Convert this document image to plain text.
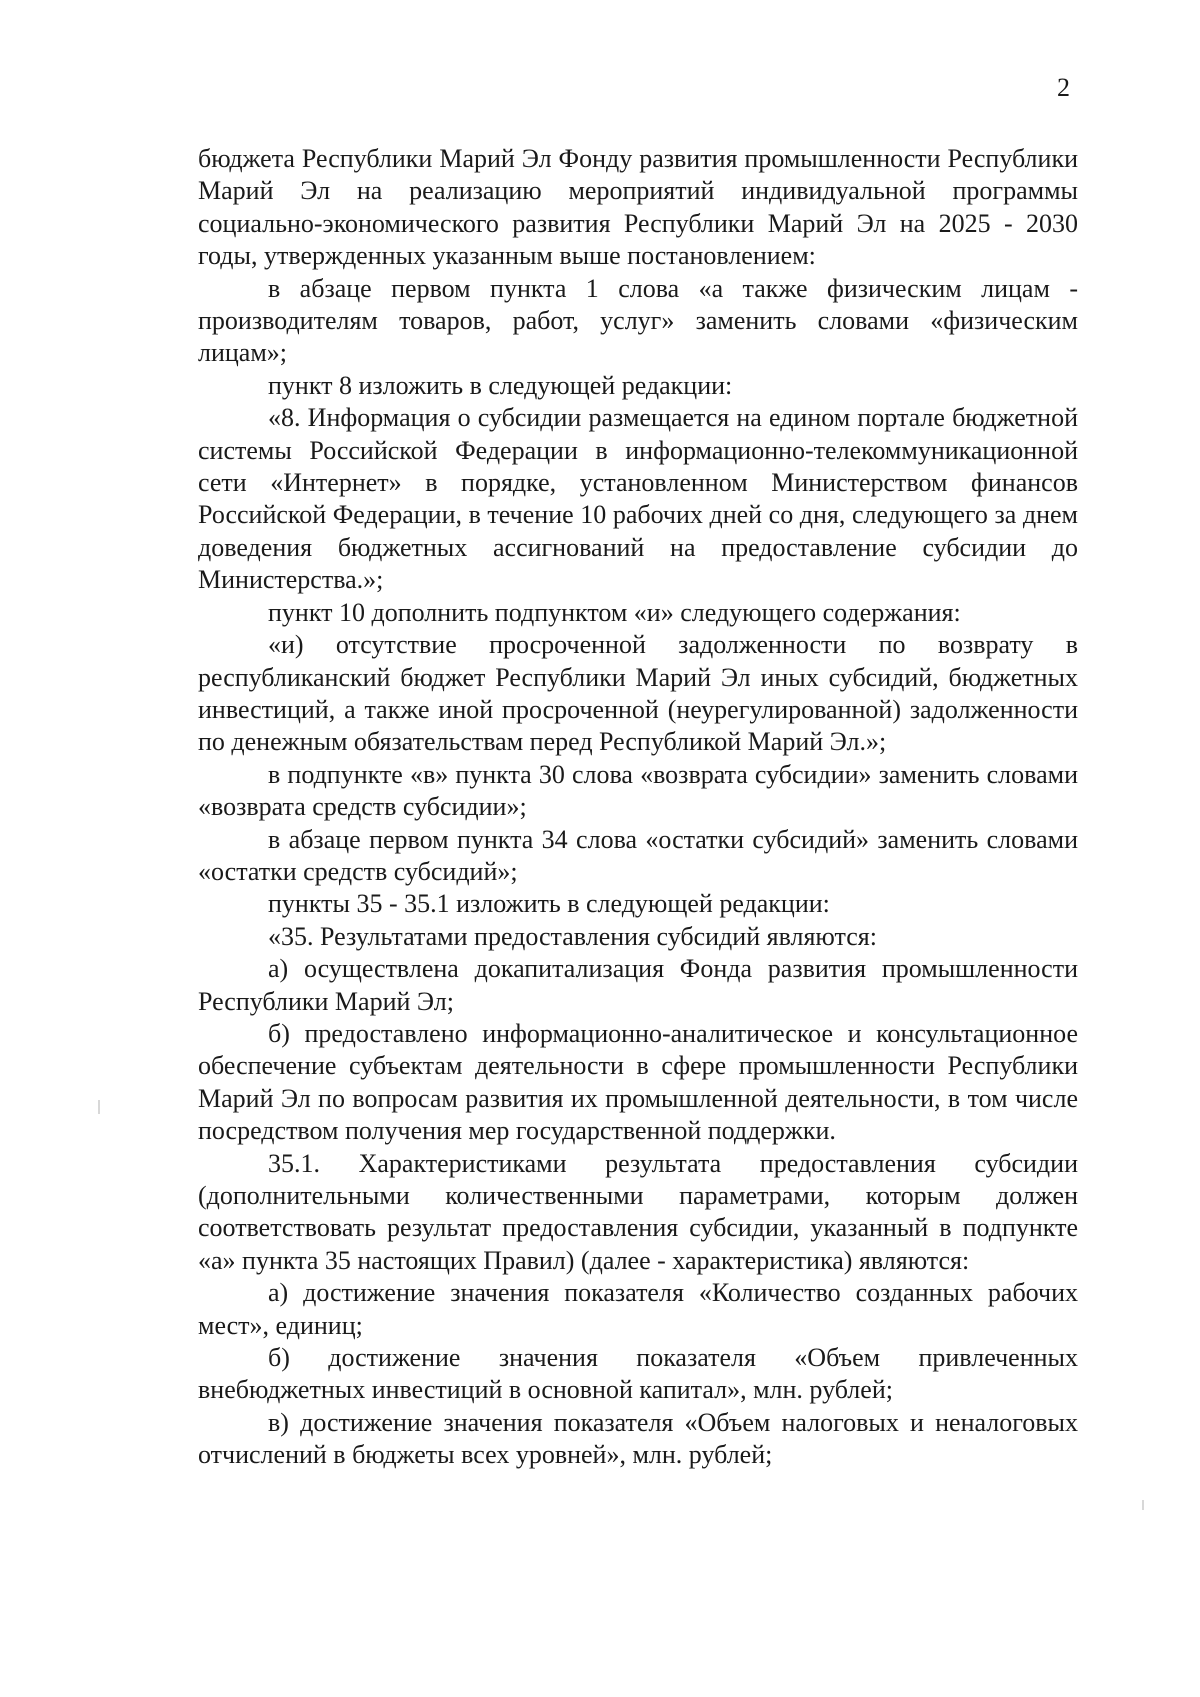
2

бюджета Республики Марий Эл Фонду развития промышленности Республики Марий Эл на реализацию мероприятий индивидуальной программы социально-экономического развития Республики Марий Эл на 2025 - 2030 годы, утвержденных указанным выше постановлением:

в абзаце первом пункта 1 слова «а также физическим лицам - производителям товаров, работ, услуг» заменить словами «физическим лицам»;

пункт 8 изложить в следующей редакции:

«8. Информация о субсидии размещается на едином портале бюджетной системы Российской Федерации в информационно-телекоммуникационной сети «Интернет» в порядке, установленном Министерством финансов Российской Федерации, в течение 10 рабочих дней со дня, следующего за днем доведения бюджетных ассигнований на предоставление субсидии до Министерства.»;

пункт 10 дополнить подпунктом «и» следующего содержания:

«и) отсутствие просроченной задолженности по возврату в республиканский бюджет Республики Марий Эл иных субсидий, бюджетных инвестиций, а также иной просроченной (неурегулированной) задолженности по денежным обязательствам перед Республикой Марий Эл.»;

в подпункте «в» пункта 30 слова «возврата субсидии» заменить словами «возврата средств субсидии»;

в абзаце первом пункта 34 слова «остатки субсидий» заменить словами «остатки средств субсидий»;

пункты 35 - 35.1 изложить в следующей редакции:

«35. Результатами предоставления субсидий являются:

а) осуществлена докапитализация Фонда развития промышленности Республики Марий Эл;

б) предоставлено информационно-аналитическое и консультационное обеспечение субъектам деятельности в сфере промышленности Республики Марий Эл по вопросам развития их промышленной деятельности, в том числе посредством получения мер государственной поддержки.

35.1. Характеристиками результата предоставления субсидии (дополнительными количественными параметрами, которым должен соответствовать результат предоставления субсидии, указанный в подпункте «а» пункта 35 настоящих Правил) (далее - характеристика) являются:

а) достижение значения показателя «Количество созданных рабочих мест», единиц;

б) достижение значения показателя «Объем привлеченных внебюджетных инвестиций в основной капитал», млн. рублей;

в) достижение значения показателя «Объем налоговых и неналоговых отчислений в бюджеты всех уровней», млн. рублей;
